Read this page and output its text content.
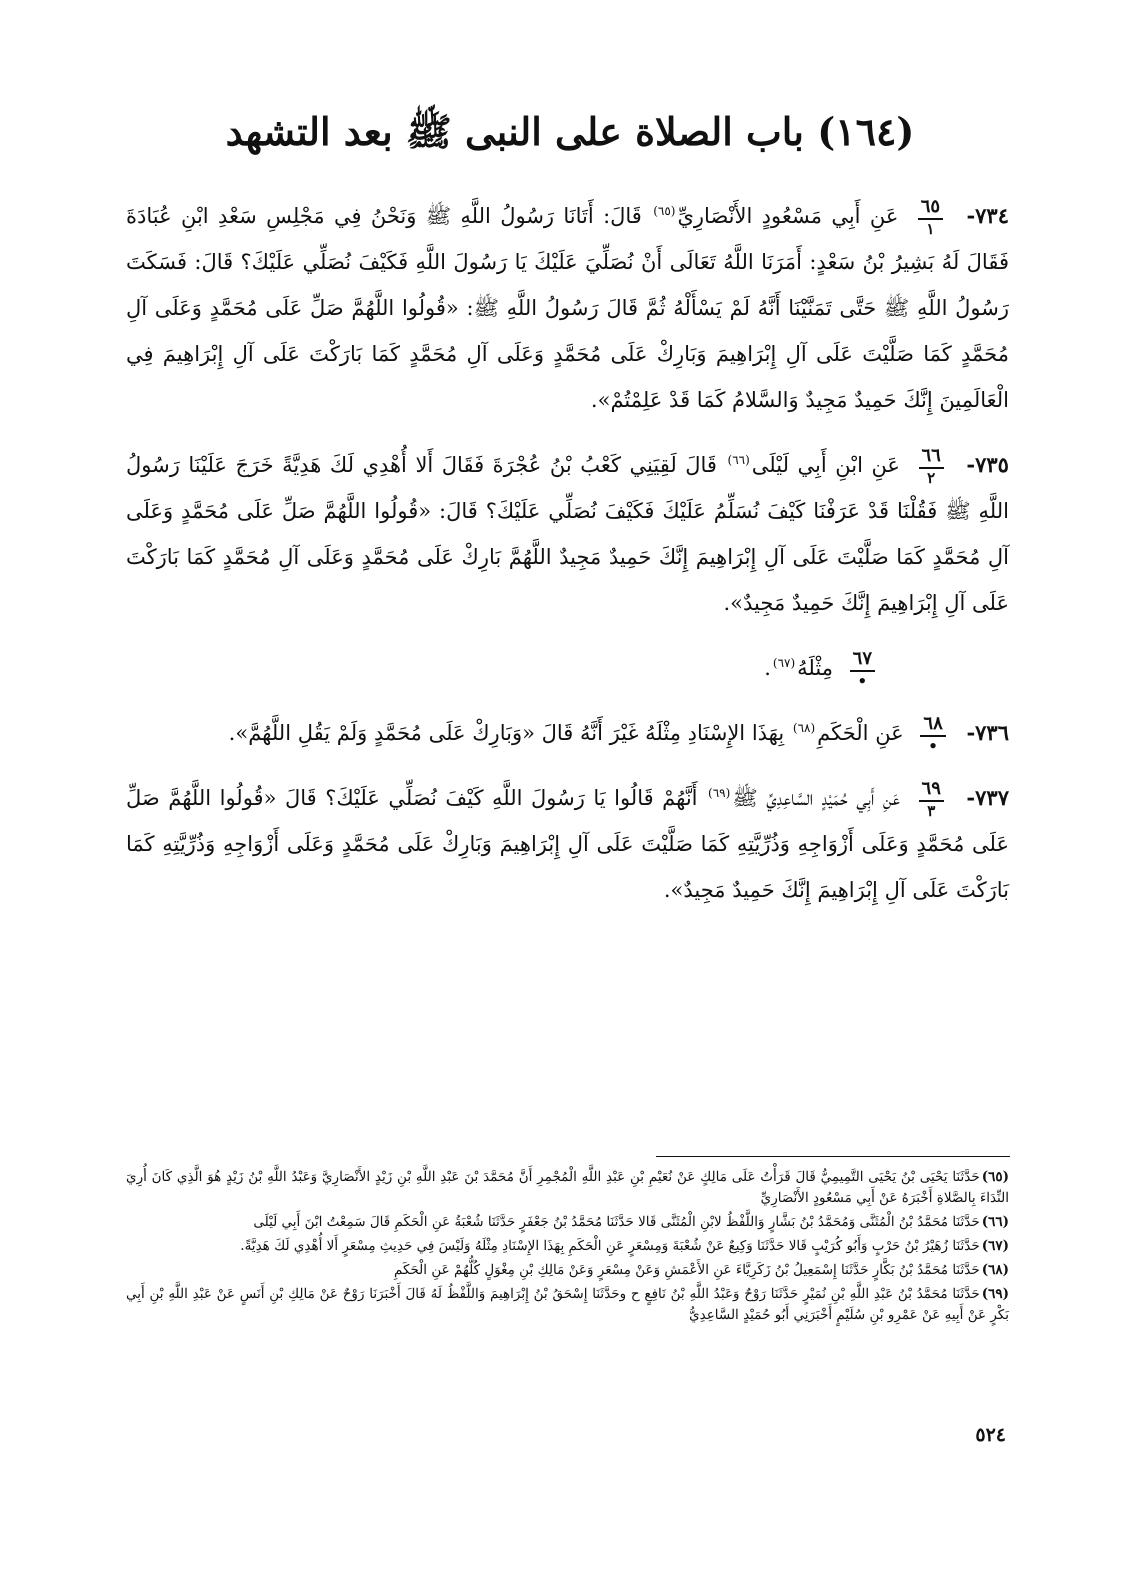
(١٦٤) باب الصلاة على النبى ﷺ بعد التشهد

٧٣٤-
$\frac{٦٥}{١}$
عَنِ أَبِي مَسْعُودٍ الأَنْصَارِيِّ$^{(٦٥)}$ قَالَ: أَتَانَا رَسُولُ اللَّهِ ﷺ وَنَحْنُ فِي مَجْلِسِ سَعْدِ ابْنِ عُبَادَةَ فَقَالَ لَهُ بَشِيرُ بْنُ سَعْدٍ: أَمَرَنَا اللَّهُ تَعَالَى أَنْ نُصَلِّيَ عَلَيْكَ يَا رَسُولَ اللَّهِ فَكَيْفَ نُصَلِّي عَلَيْكَ؟ قَالَ: فَسَكَتَ رَسُولُ اللَّهِ ﷺ حَتَّى تَمَنَّيْنَا أَنَّهُ لَمْ يَسْأَلْهُ ثُمَّ قَالَ رَسُولُ اللَّهِ ﷺ: «قُولُوا اللَّهُمَّ صَلِّ عَلَى مُحَمَّدٍ وَعَلَى آلِ مُحَمَّدٍ كَمَا صَلَّيْتَ عَلَى آلِ إِبْرَاهِيمَ وَبَارِكْ عَلَى مُحَمَّدٍ وَعَلَى آلِ مُحَمَّدٍ كَمَا بَارَكْتَ عَلَى آلِ إِبْرَاهِيمَ فِي الْعَالَمِينَ إِنَّكَ حَمِيدٌ مَجِيدٌ وَالسَّلامُ كَمَا قَدْ عَلِمْتُمْ».

٧٣٥-
$\frac{٦٦}{٢}$
عَنِ ابْنِ أَبِي لَيْلَى$^{(٦٦)}$ قَالَ لَقِيَنِي كَعْبُ بْنُ عُجْرَةَ فَقَالَ أَلا أُهْدِي لَكَ هَدِيَّةً خَرَجَ عَلَيْنَا رَسُولُ اللَّهِ ﷺ فَقُلْنَا قَدْ عَرَفْنَا كَيْفَ نُسَلِّمُ عَلَيْكَ فَكَيْفَ نُصَلِّي عَلَيْكَ؟ قَالَ: «قُولُوا اللَّهُمَّ صَلِّ عَلَى مُحَمَّدٍ وَعَلَى آلِ مُحَمَّدٍ كَمَا صَلَّيْتَ عَلَى آلِ إِبْرَاهِيمَ إِنَّكَ حَمِيدٌ مَجِيدٌ اللَّهُمَّ بَارِكْ عَلَى مُحَمَّدٍ وَعَلَى آلِ مُحَمَّدٍ كَمَا بَارَكْتَ عَلَى آلِ إِبْرَاهِيمَ إِنَّكَ حَمِيدٌ مَجِيدٌ».

$\frac{٦٧}{•}$
مِثْلَهُ$^{(٦٧)}$.

٧٣٦-
$\frac{٦٨}{•}$
عَنِ الْحَكَمِ$^{(٦٨)}$ بِهَذَا الإِسْنَادِ مِثْلَهُ غَيْرَ أَنَّهُ قَالَ «وَبَارِكْ عَلَى مُحَمَّدٍ وَلَمْ يَقُلِ اللَّهُمَّ».

٧٣٧-
$\frac{٦٩}{٣}$
عَنِ أَبِي حُمَيْدٍ السَّاعِدِيِّ ﷺ$^{(٦٩)}$ أَنَّهُمْ قَالُوا يَا رَسُولَ اللَّهِ كَيْفَ نُصَلِّي عَلَيْكَ؟ قَالَ «قُولُوا اللَّهُمَّ صَلِّ عَلَى مُحَمَّدٍ وَعَلَى أَزْوَاجِهِ وَذُرِّيَّتِهِ كَمَا صَلَّيْتَ عَلَى آلِ إِبْرَاهِيمَ وَبَارِكْ عَلَى مُحَمَّدٍ وَعَلَى أَزْوَاجِهِ وَذُرِّيَّتِهِ كَمَا بَارَكْتَ عَلَى آلِ إِبْرَاهِيمَ إِنَّكَ حَمِيدٌ مَجِيدٌ».

(٦٥)حَدَّثَنَا يَحْيَى بْنُ يَحْيَى التَّمِيمِيُّ قَالَ قَرَأْتُ عَلَى مَالِكٍ عَنْ نُعَيْمِ بْنِ عَبْدِ اللَّهِ الْمُجْمِرِ أَنَّ مُحَمَّدَ بْنَ عَبْدِ اللَّهِ بْنِ زَيْدٍ الأَنْصَارِيَّ وَعَبْدُ اللَّهِ بْنُ زَيْدٍ هُوَ الَّذِي كَانَ أُرِيَ النِّدَاءَ بِالصَّلاةِ أَخْبَرَهُ عَنْ أَبِي مَسْعُودٍ الأَنْصَارِيِّ

(٦٦)حَدَّثَنَا مُحَمَّدُ بْنُ الْمُثَنَّى وَمُحَمَّدُ بْنُ بَشَّارٍ وَاللَّفْظُ لابْنِ الْمُثَنَّى قَالا حَدَّثَنَا مُحَمَّدُ بْنُ جَعْفَرٍ حَدَّثَنَا شُعْبَةُ عَنِ الْحَكَمِ قَالَ سَمِعْتُ ابْنَ أَبِي لَيْلَى

(٦٧)حَدَّثَنَا زُهَيْرُ بْنُ حَرْبٍ وَأَبُو كُرَيْبٍ قَالا حَدَّثَنَا وَكِيعٌ عَنْ شُعْبَةَ وَمِسْعَرٍ عَنِ الْحَكَمِ بِهَذَا الإِسْنَادِ مِثْلَهُ وَلَيْسَ فِي حَدِيثِ مِسْعَرٍ أَلا أُهْدِي لَكَ هَدِيَّةً.

(٦٨)حَدَّثَنَا مُحَمَّدُ بْنُ بَكَّارٍ حَدَّثَنَا إِسْمَعِيلُ بْنُ زَكَرِيَّاءَ عَنِ الأَعْمَشِ وَعَنْ مِسْعَرٍ وَعَنْ مَالِكِ بْنِ مِغْوَلٍ كُلُّهُمْ عَنِ الْحَكَمِ

(٦٩)حَدَّثَنَا مُحَمَّدُ بْنُ عَبْدِ اللَّهِ بْنِ نُمَيْرٍ حَدَّثَنَا رَوْحٌ وَعَبْدُ اللَّهِ بْنُ نَافِعٍ ح وحَدَّثَنَا إِسْحَقُ بْنُ إِبْرَاهِيمَ وَاللَّفْظُ لَهُ قَالَ أَخْبَرَنَا رَوْحٌ عَنْ مَالِكِ بْنِ أَنَسٍ عَنْ عَبْدِ اللَّهِ بْنِ أَبِي بَكْرٍ عَنْ أَبِيهِ عَنْ عَمْرِو بْنِ سُلَيْمٍ أَخْبَرَنِي أَبُو حُمَيْدٍ السَّاعِدِيُّ

٥٢٤
